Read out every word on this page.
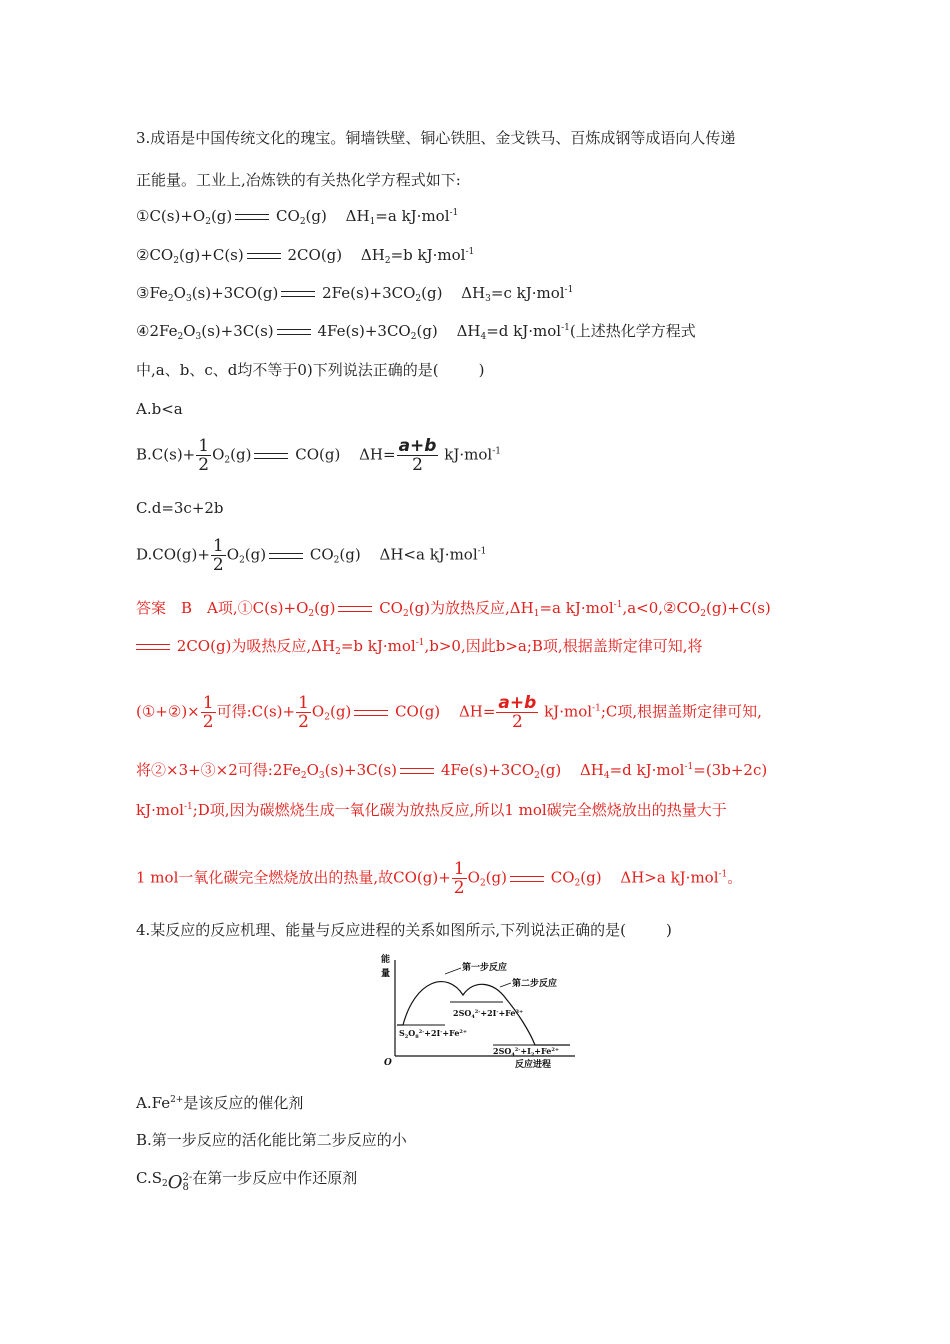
3.成语是中国传统文化的瑰宝。铜墙铁壁、铜心铁胆、金戈铁马、百炼成钢等成语向人传递
正能量。工业上,冶炼铁的有关热化学方程式如下:
$①C(s)+O_2(g)$	$CO_2(g)$ $\Delta H_1=a$ kJ·mol$^{-1}$
$②CO_2(g)+C(s)$	2CO(g) $\Delta H_2=b$ kJ·mol$^{-1}$
$③Fe_2O_3(s)+3CO(g)$	$2Fe(s)+3CO_2(g)$ $\Delta H_3=c$ kJ·mol$^{-1}$
$④2Fe_2O_3(s)+3C(s)$	$4Fe(s)+3CO_2(g)$ $\Delta H_4=d$ kJ·mol$^{-1}$(上述热化学方程式
中,a、b、c、d均不等于0)下列说法正确的是(	)
A.b<a
$B.C(s)+ \frac{1}{2} O_2(g)$	CO(g) $\Delta H= \frac{a+b}{2} kJ\cdot mol^{-1}$
C.d=3c+2b
$D.CO(g)+ \frac{1}{2} O_2(g)$	$CO_2(g)$ ΔH<a kJ·mol$^{-1}$
答案　B　A项$,①C(s)+O_2(g)$	$CO_2(g)$为放热反应$,\Delta H_1=a$ $kJ\cdot mol^{-1},a<0,②CO_2(g)+C(s)$
2CO(g)为吸热反应$,\Delta H_2=b$ kJ·mol$^{-1}$,b>0,因此b>a;B项,根据盖斯定律可知,将
(①+②)× $\frac{1}{2}$ 可得:C(s)+ $\frac{1}{2} O_2(g)$	CO(g) $\Delta H= \frac{a+b}{2}$ kJ·mol$^{-1}$;C项,根据盖斯定律可知,
将②×3+③×2可得$:2Fe_2O_3(s)+3C(s)$	$4Fe(s)+3CO_2(g)$ $\Delta H_4=d$ kJ·mol$^{-1}$=(3b+2c)
kJ·mol$^{-1}$;D项,因为碳燃烧生成一氧化碳为放热反应,所以1 mol碳完全燃烧放出的热量大于
1 mol一氧化碳完全燃烧放出的热量,故$CO(g)+ \frac{1}{2} O_2(g)$	$CO_2(g)$ ΔH>a kJ·mol$^{-1}$。
4.某反应的反应机理、能量与反应进程的关系如图所示,下列说法正确的是(	)
能
量
O	反应进程
第一步反应
第二步反应
$2SO_4^{2-}+2I^-+Fe^{3+}$
$S_2O_8^{2-}+2I^-+Fe^{2+}$
$2SO_4^{2-}+I_2+Fe^{2+}$
$A.Fe^{2+}$是该反应的催化剂
B.第一步反应的活化能比第二步反应的小
$C.S_2O$ 2-
8
在第一步反应中作还原剂
